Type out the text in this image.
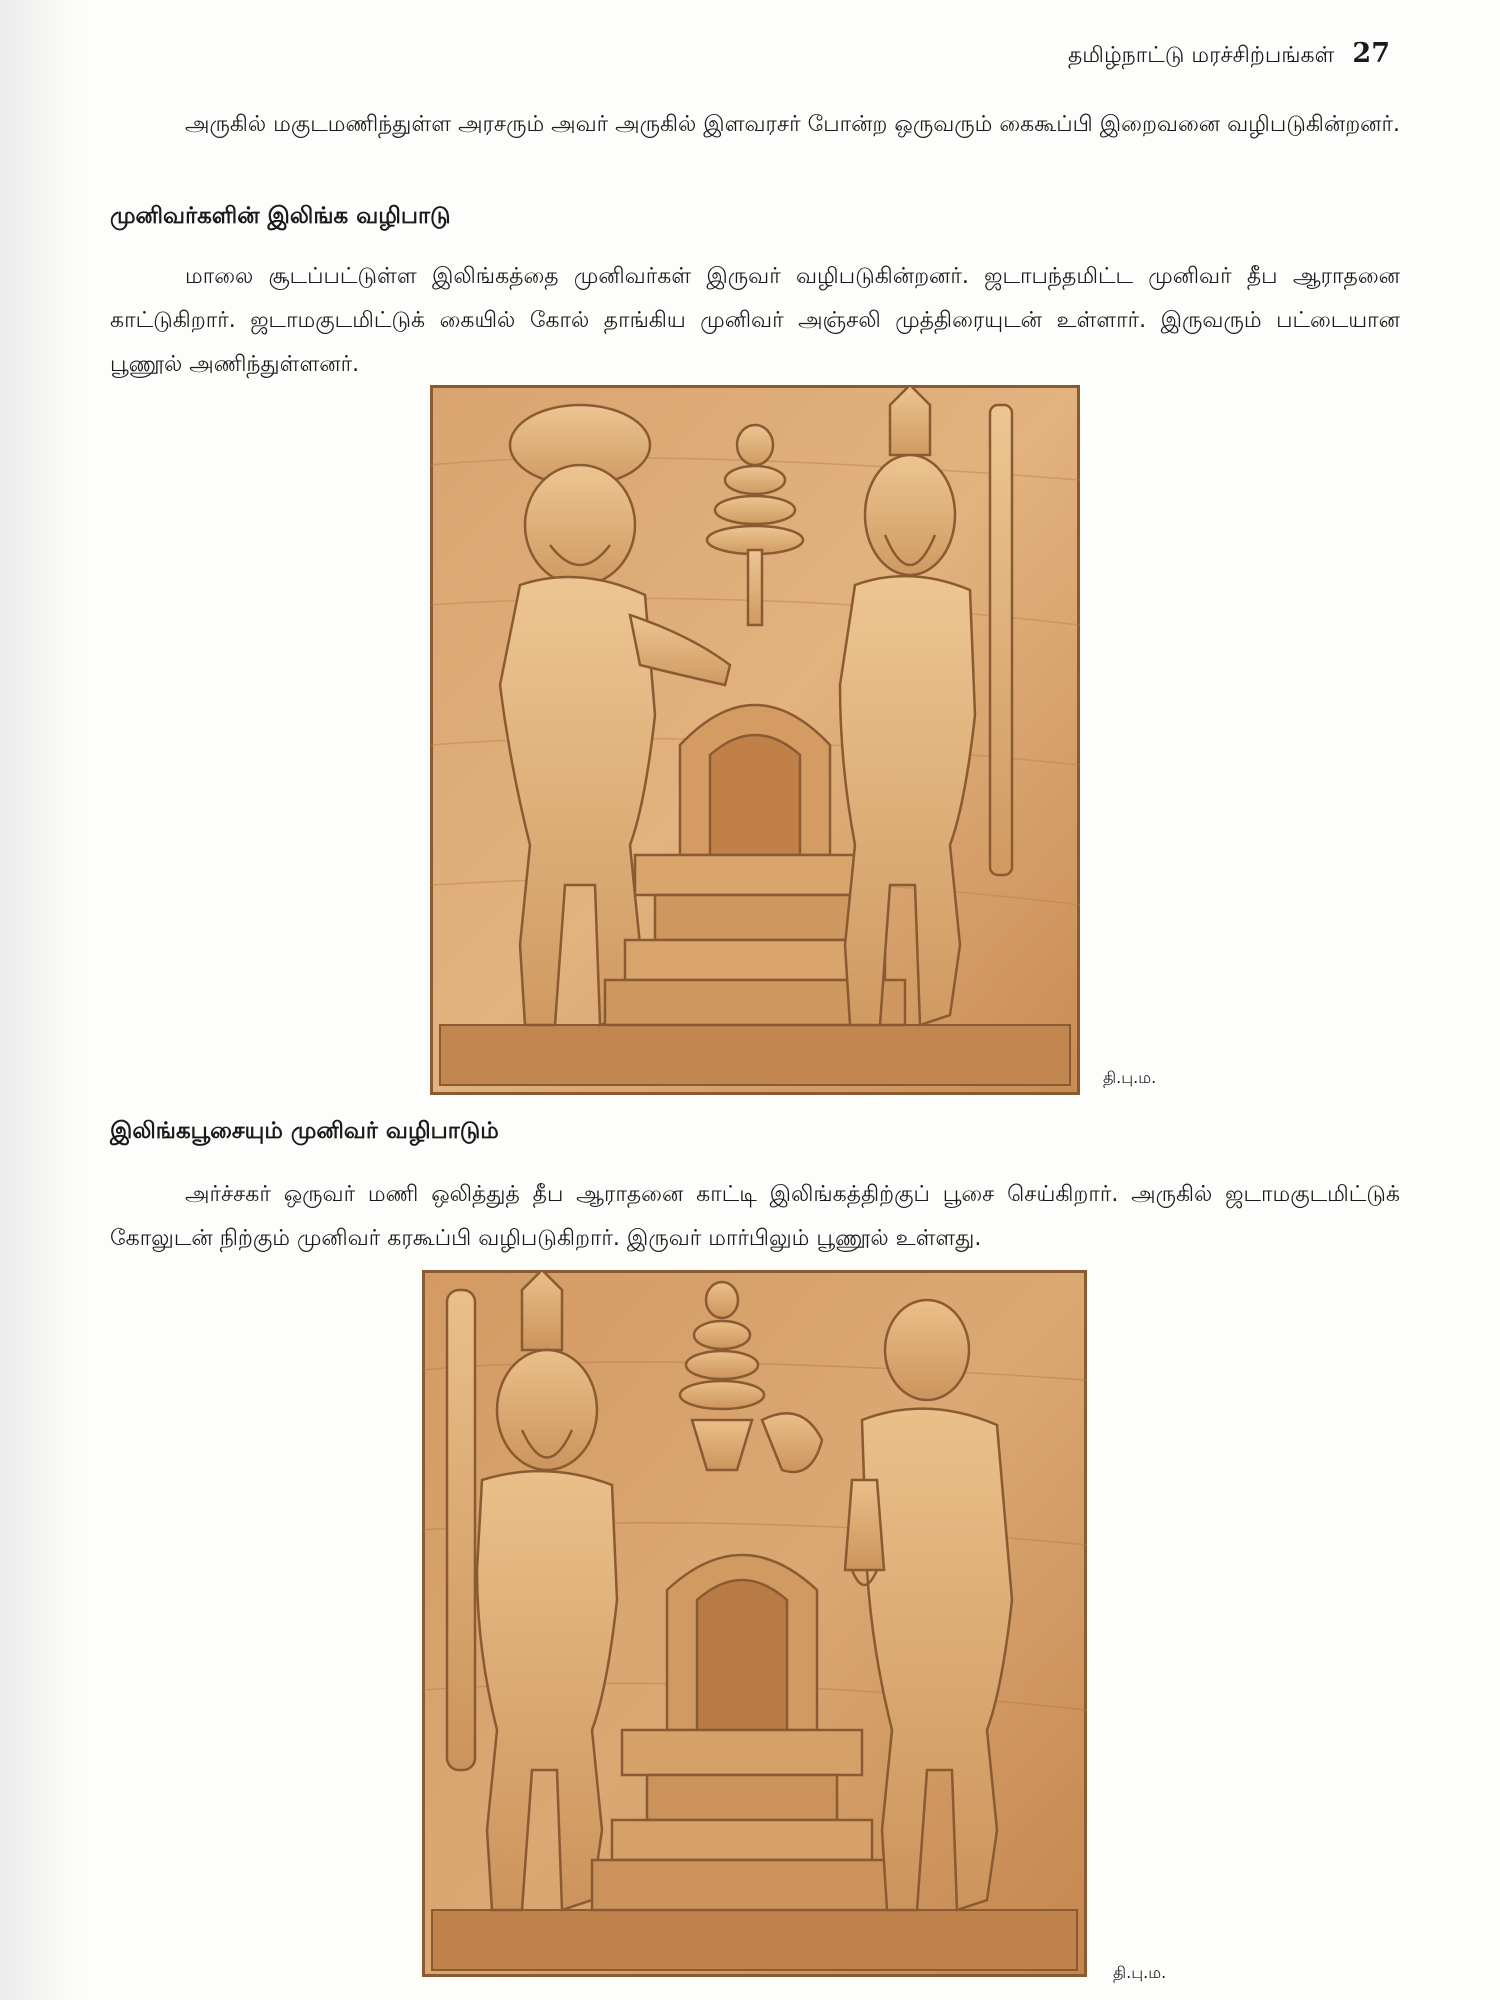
தமிழ்நாட்டு மரச்சிற்பங்கள் 27

அருகில் மகுடமணிந்துள்ள அரசரும் அவர் அருகில் இளவரசர் போன்ற ஒருவரும் கைகூப்பி இறைவனை வழிபடுகின்றனர்.

முனிவர்களின் இலிங்க வழிபாடு

மாலை சூடப்பட்டுள்ள இலிங்கத்தை முனிவர்கள் இருவர் வழிபடுகின்றனர். ஜடாபந்தமிட்ட முனிவர் தீப ஆராதனை காட்டுகிறார். ஜடாமகுடமிட்டுக் கையில் கோல் தாங்கிய முனிவர் அஞ்சலி முத்திரையுடன் உள்ளார். இருவரும் பட்டையான பூணூல் அணிந்துள்ளனர்.

தி.பு.ம.
இலிங்கபூசையும் முனிவர் வழிபாடும்

அர்ச்சகர் ஒருவர் மணி ஒலித்துத் தீப ஆராதனை காட்டி இலிங்கத்திற்குப் பூசை செய்கிறார். அருகில் ஜடாமகுடமிட்டுக் கோலுடன் நிற்கும் முனிவர் கரகூப்பி வழிபடுகிறார். இருவர் மார்பிலும் பூணூல் உள்ளது.

தி.பு.ம.
